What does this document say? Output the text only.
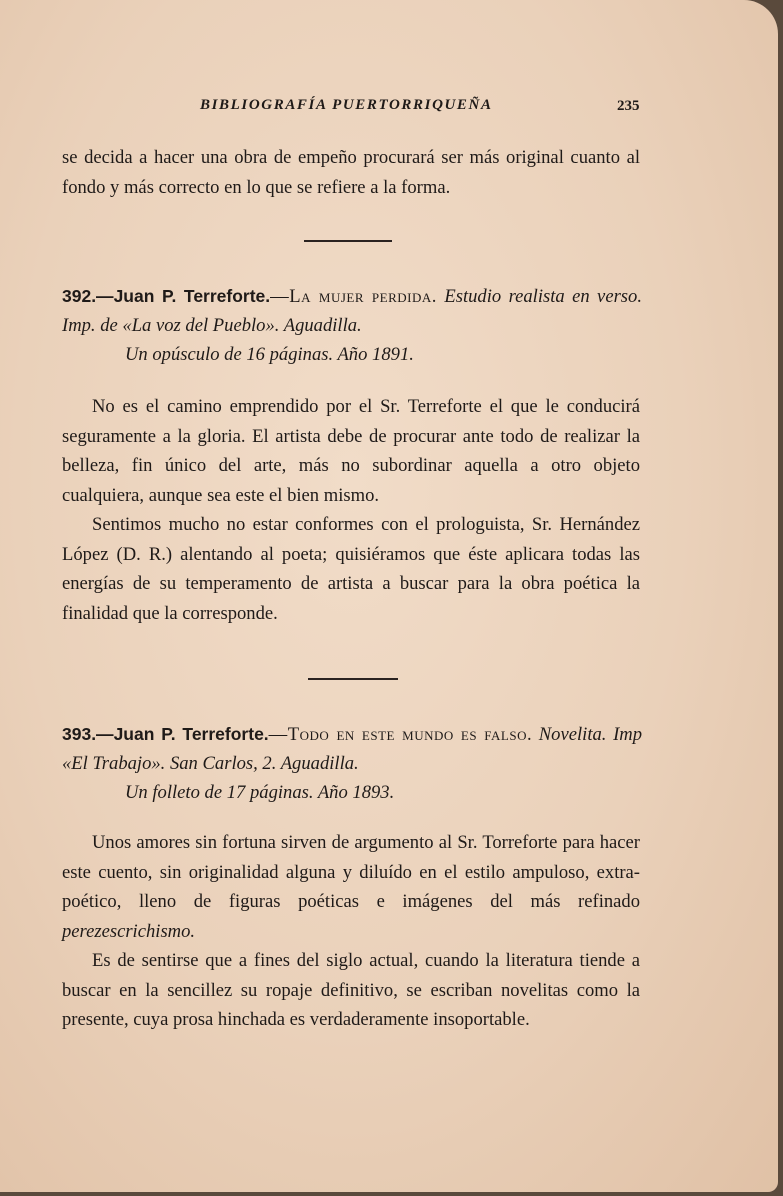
BIBLIOGRAFÍA PUERTORRIQUEÑA	235

se decida a hacer una obra de empeño procurará ser más original cuanto al fondo y más correcto en lo que se refiere a la forma.

392.—Juan P. Terreforte.—La mujer perdida. Estudio realista en verso. Imp. de «La voz del Pueblo». Aguadilla.
Un opúsculo de 16 páginas. Año 1891.

No es el camino emprendido por el Sr. Terreforte el que le conducirá seguramente a la gloria. El artista debe de procurar ante todo de realizar la belleza, fin único del arte, más no subordinar aquella a otro objeto cualquiera, aunque sea este el bien mismo.

Sentimos mucho no estar conformes con el prologuista, Sr. Hernández López (D. R.) alentando al poeta; quisiéramos que éste aplicara todas las energías de su temperamento de artista a buscar para la obra poética la finalidad que la corresponde.

393.—Juan P. Terreforte.—Todo en este mundo es falso. Novelita. Imp «El Trabajo». San Carlos, 2. Aguadilla.
Un folleto de 17 páginas. Año 1893.

Unos amores sin fortuna sirven de argumento al Sr. Torreforte para hacer este cuento, sin originalidad alguna y diluído en el estilo ampuloso, extra-poético, lleno de figuras poéticas e imágenes del más refinado perezescrichismo.

Es de sentirse que a fines del siglo actual, cuando la literatura tiende a buscar en la sencillez su ropaje definitivo, se escriban novelitas como la presente, cuya prosa hinchada es verdaderamente insoportable.
